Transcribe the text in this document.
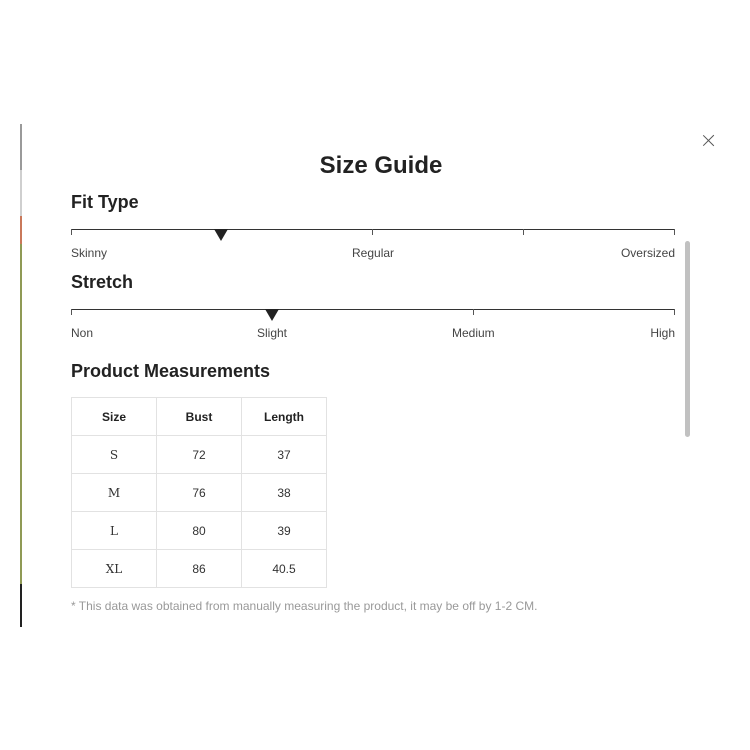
Size Guide
Fit Type
Skinny	Regular	Oversized
Stretch
Non	Slight	Medium	High
Product Measurements
Size	Bust	Length
S	72	37
M	76	38
L	80	39
XL	86	40.5
* This data was obtained from manually measuring the product, it may be off by 1-2 CM.
